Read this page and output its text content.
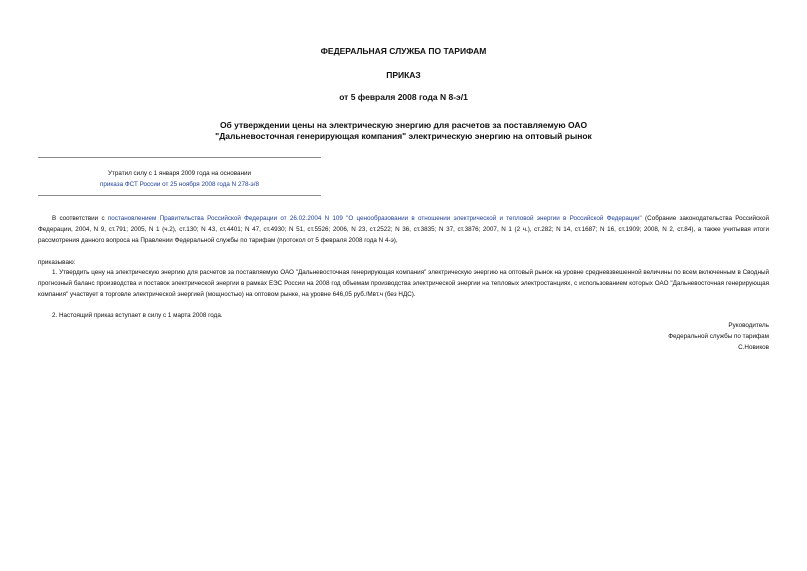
ФЕДЕРАЛЬНАЯ СЛУЖБА ПО ТАРИФАМ
ПРИКАЗ
от 5 февраля 2008 года N 8-э/1
Об утверждении цены на электрическую энергию для расчетов за поставляемую ОАО
"Дальневосточная генерирующая компания" электрическую энергию на оптовый рынок
Утратил силу с 1 января 2009 года на основании
приказа ФСТ России от 25 ноября 2008 года N 278-э/8
В соответствии с постановлением Правительства Российской Федерации от 26.02.2004 N 109 "О ценообразовании в отношении электрической и тепловой энергии в Российской Федерации" (Собрание законодательства Российской Федерации, 2004, N 9, ст.791; 2005, N 1 (ч.2), ст.130; N 43, ст.4401; N 47, ст.4930; N 51, ст.5526; 2006, N 23, ст.2522; N 36, ст.3835; N 37, ст.3876; 2007, N 1 (2 ч.), ст.282; N 14, ст.1687; N 16, ст.1909; 2008, N 2, ст.84), а также учитывая итоги рассмотрения данного вопроса на Правлении Федеральной службы по тарифам (протокол от 5 февраля 2008 года N 4-э),
приказываю:
1. Утвердить цену на электрическую энергию для расчетов за поставляемую ОАО "Дальневосточная генерирующая компания" электрическую энергию на оптовый рынок на уровне средневзвешенной величины по всем включенным в Сводный прогнозный баланс производства и поставок электрической энергии в рамках ЕЭС России на 2008 год объемам производства электрической энергии на тепловых электростанциях, с использованием которых ОАО "Дальневосточная генерирующая компания" участвует в торговле электрической энергией (мощностью) на оптовом рынке, на уровне 646,05 руб./Мвт.ч (без НДС).
2. Настоящий приказ вступает в силу с 1 марта 2008 года.
Руководитель
Федеральной службы по тарифам
С.Новиков
